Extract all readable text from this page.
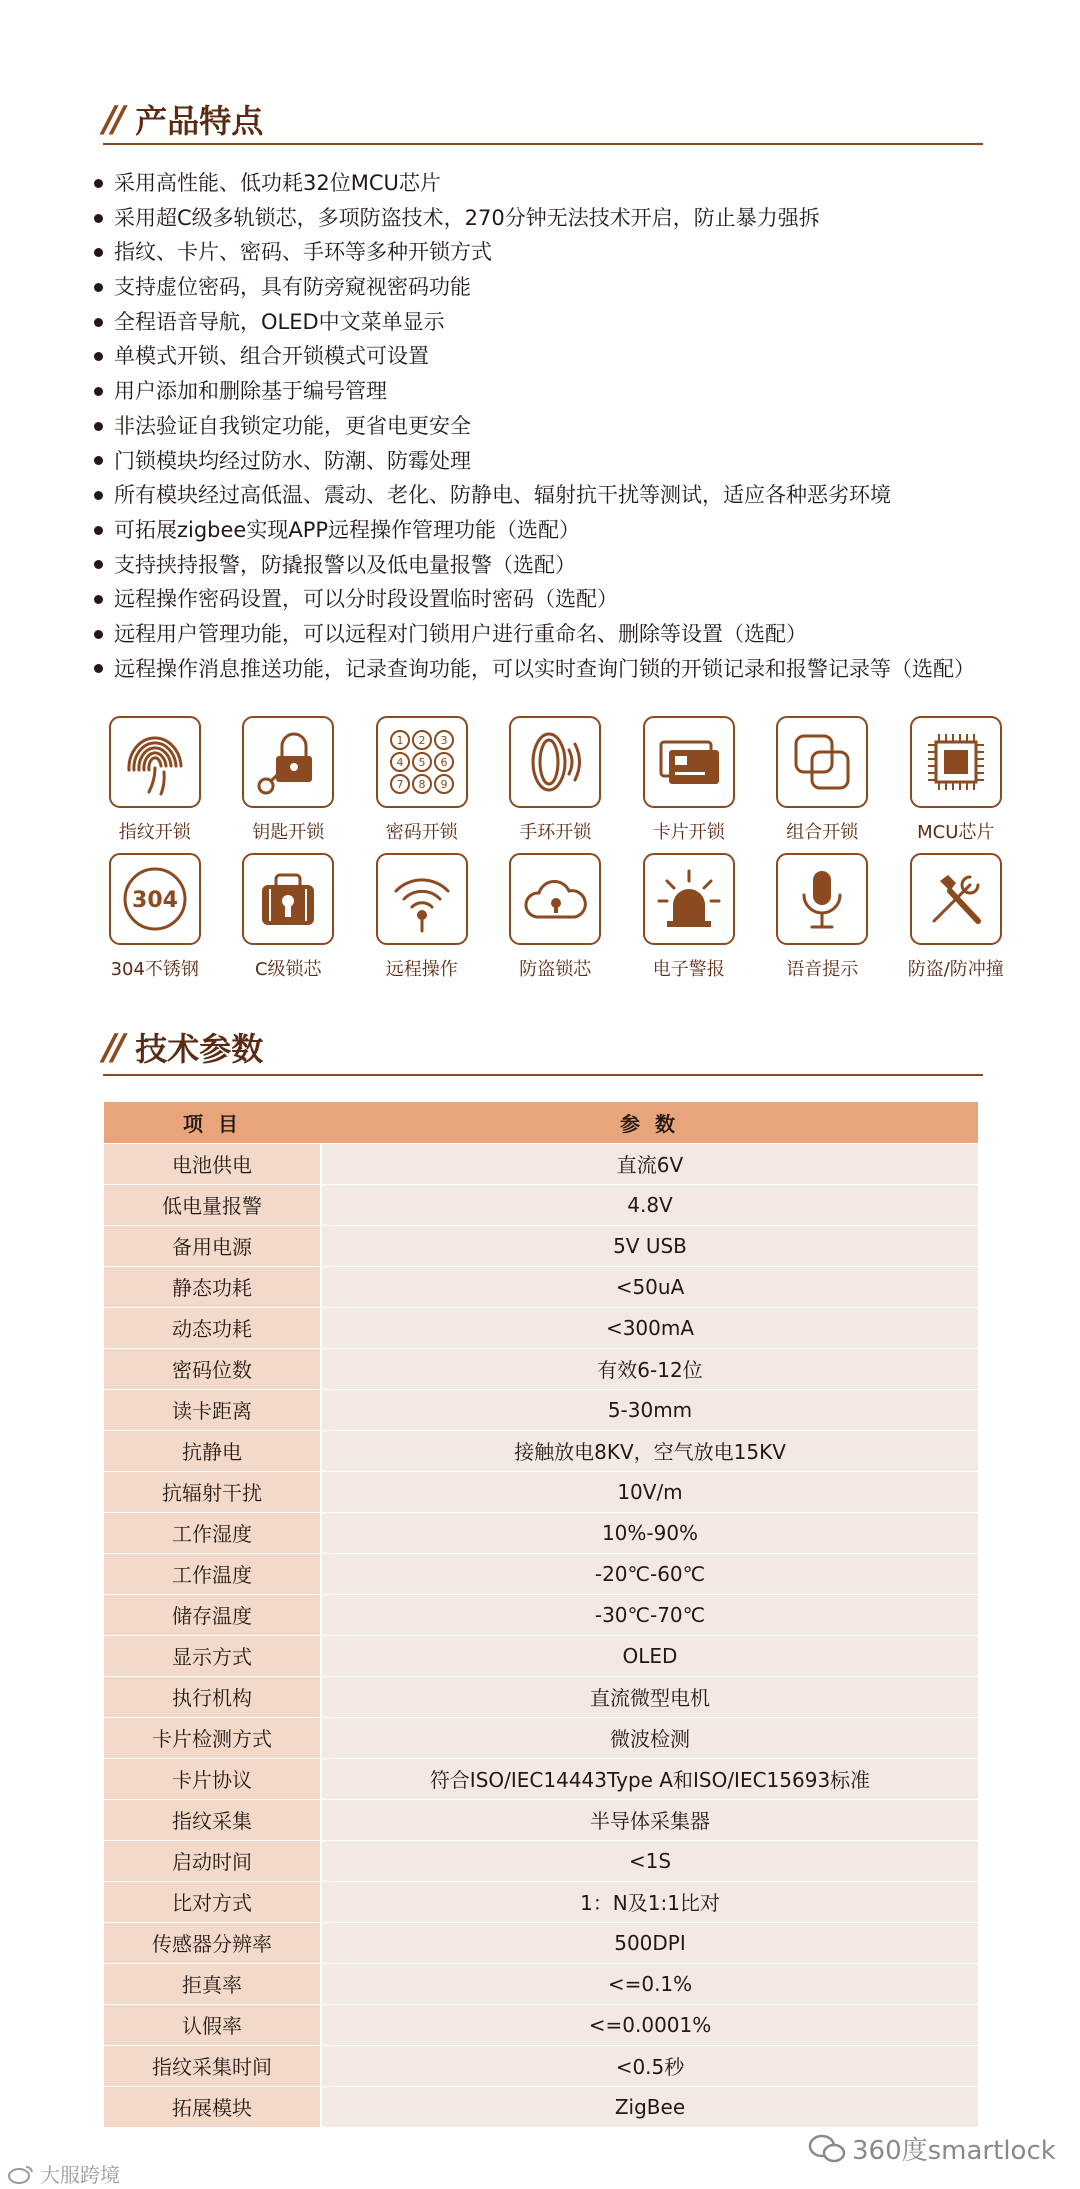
// 产品特点
采用高性能、低功耗32位MCU芯片
采用超C级多轨锁芯，多项防盗技术，270分钟无法技术开启，防止暴力强拆
指纹、卡片、密码、手环等多种开锁方式
支持虚位密码，具有防旁窥视密码功能
全程语音导航，OLED中文菜单显示
单模式开锁、组合开锁模式可设置
用户添加和删除基于编号管理
非法验证自我锁定功能，更省电更安全
门锁模块均经过防水、防潮、防霉处理
所有模块经过高低温、震动、老化、防静电、辐射抗干扰等测试，适应各种恶劣环境
可拓展zigbee实现APP远程操作管理功能（选配）
支持挟持报警，防撬报警以及低电量报警（选配）
远程操作密码设置，可以分时段设置临时密码（选配）
远程用户管理功能，可以远程对门锁用户进行重命名、删除等设置（选配）
远程操作消息推送功能，记录查询功能，可以实时查询门锁的开锁记录和报警记录等（选配）
指纹开锁	钥匙开锁
1 2 3
4 5 6
7 8 9
密码开锁	手环开锁	卡片开锁	组合开锁	MCU芯片
304
304不锈钢	C级锁芯	远程操作	防盗锁芯	电子警报	语音提示	防盗/防冲撞
// 技术参数
项 目	参 数
电池供电	直流6V
低电量报警	4.8V
备用电源	5V USB
静态功耗	<50uA
动态功耗	<300mA
密码位数	有效6-12位
读卡距离	5-30mm
抗静电	接触放电8KV，空气放电15KV
抗辐射干扰	10V/m
工作湿度	10%-90%
工作温度	-20℃-60℃
储存温度	-30℃-70℃
显示方式	OLED
执行机构	直流微型电机
卡片检测方式	微波检测
卡片协议	符合ISO/IEC14443Type A和ISO/IEC15693标准
指纹采集	半导体采集器
启动时间	<1S
比对方式	1：N及1:1比对
传感器分辨率	500DPI
拒真率	<=0.1%
认假率	<=0.0001%
指纹采集时间	<0.5秒
拓展模块	ZigBee
大服跨境
360度smartlock
